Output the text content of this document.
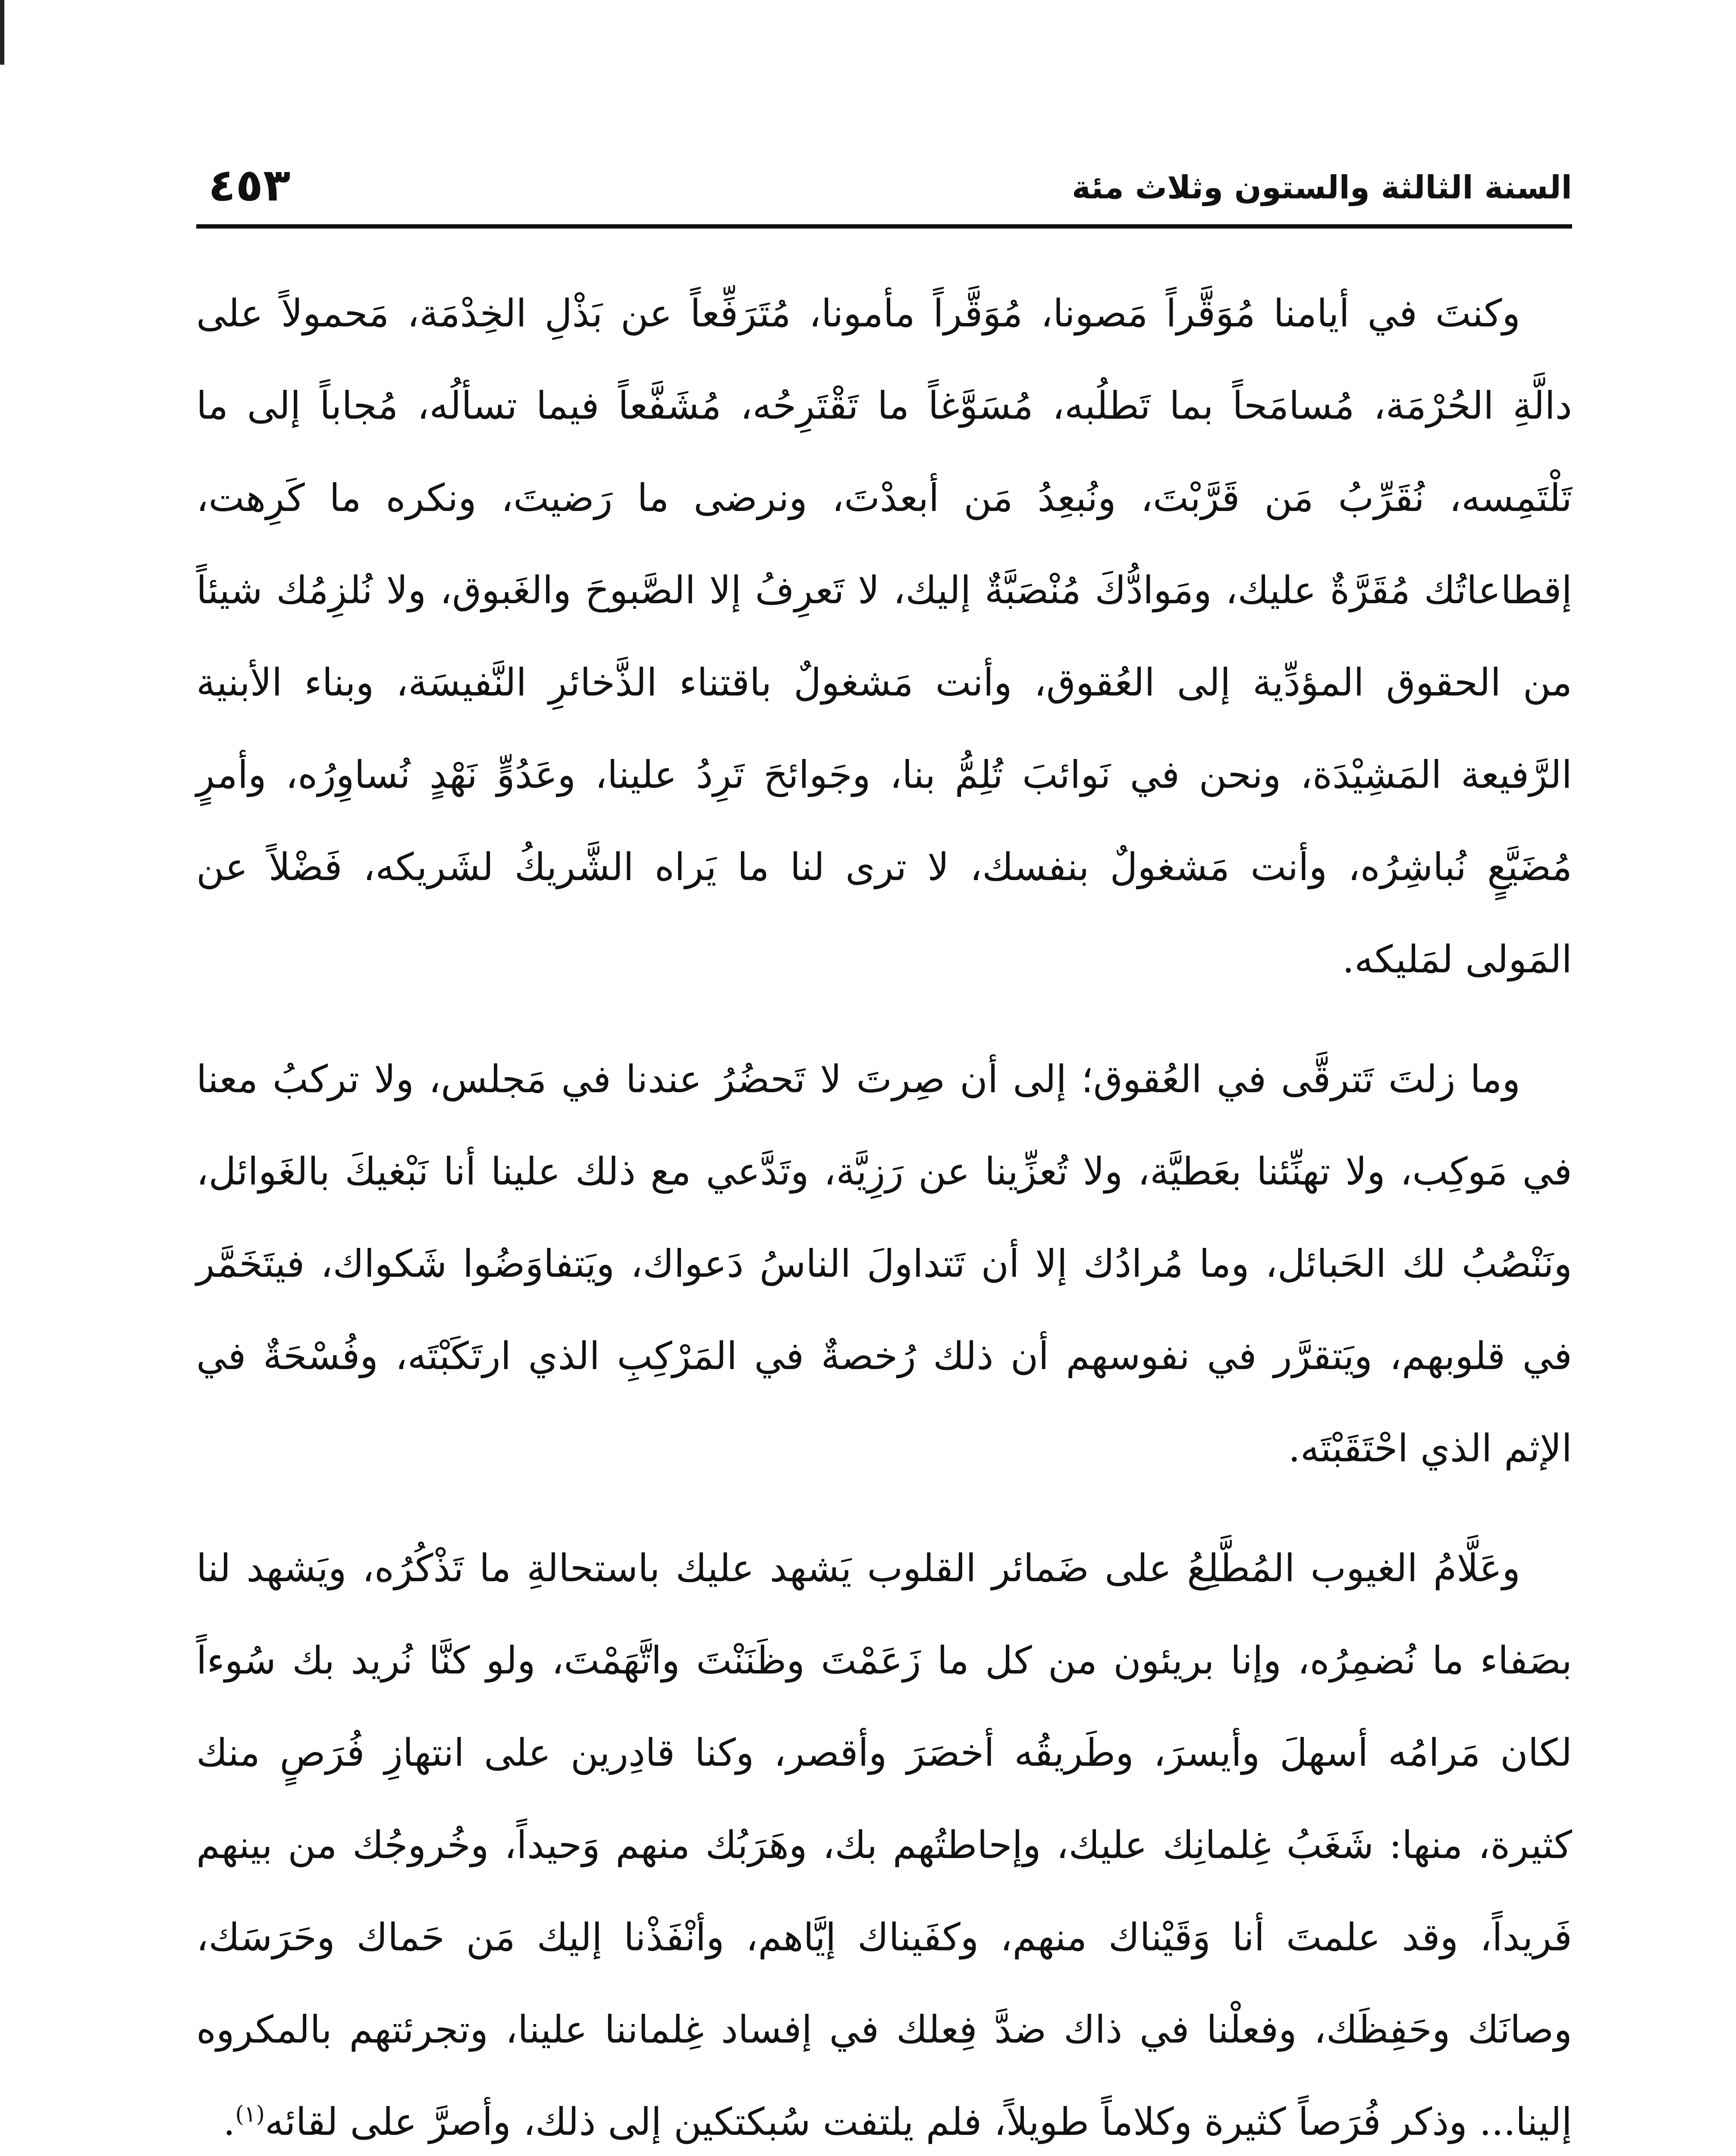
السنة الثالثة والستون وثلاث مئة
٤٥٣

وكنتَ في أيامنا مُوَقَّراً مَصونا، مُوَقَّراً مأمونا، مُتَرَفِّعاً عن بَذْلِ الخِدْمَة، مَحمولاً على دالَّةِ الحُرْمَة، مُسامَحاً بما تَطلُبه، مُسَوَّغاً ما تَقْتَرِحُه، مُشَفَّعاً فيما تسألُه، مُجاباً إلى ما تَلْتَمِسه، نُقَرِّبُ مَن قَرَّبْتَ، ونُبعِدُ مَن أبعدْتَ، ونرضى ما رَضيتَ، ونكره ما كَرِهت، إقطاعاتُك مُقَرَّةٌ عليك، ومَوادُّكَ مُنْصَبَّةٌ إليك، لا تَعرِفُ إلا الصَّبوحَ والغَبوق، ولا نُلزِمُك شيئاً من الحقوق المؤدِّية إلى العُقوق، وأنت مَشغولٌ باقتناء الذَّخائرِ النَّفيسَة، وبناء الأبنية الرَّفيعة المَشِيْدَة، ونحن في نَوائبَ تُلِمُّ بنا، وجَوائحَ تَرِدُ علينا، وعَدُوٍّ نَهْدٍ نُساوِرُه، وأمرٍ مُضَيَّعٍ نُباشِرُه، وأنت مَشغولٌ بنفسك، لا ترى لنا ما يَراه الشَّريكُ لشَريكه، فَضْلاً عن المَولى لمَليكه.

وما زلتَ تَترقَّى في العُقوق؛ إلى أن صِرتَ لا تَحضُرُ عندنا في مَجلس، ولا تركبُ معنا في مَوكِب، ولا تهنِّئنا بعَطيَّة، ولا تُعزِّينا عن رَزِيَّة، وتَدَّعي مع ذلك علينا أنا نَبْغيكَ بالغَوائل، ونَنْصُبُ لك الحَبائل، وما مُرادُك إلا أن تَتداولَ الناسُ دَعواك، ويَتفاوَضُوا شَكواك، فيتَخَمَّر في قلوبهم، ويَتقرَّر في نفوسهم أن ذلك رُخصةٌ في المَرْكِبِ الذي ارتَكَبْتَه، وفُسْحَةٌ في الإثم الذي احْتَقَبْتَه.

وعَلَّامُ الغيوب المُطَّلِعُ على ضَمائر القلوب يَشهد عليك باستحالةِ ما تَذْكُرُه، ويَشهد لنا بصَفاء ما نُضمِرُه، وإنا بريئون من كل ما زَعَمْتَ وظَنَنْتَ واتَّهَمْتَ، ولو كنَّا نُريد بك سُوءاً لكان مَرامُه أسهلَ وأيسرَ، وطَريقُه أخصَرَ وأقصر، وكنا قادِرين على انتهازِ فُرَصٍ منك كثيرة، منها: شَغَبُ غِلمانِك عليك، وإحاطتُهم بك، وهَرَبُك منهم وَحيداً، وخُروجُك من بينهم فَريداً، وقد علمتَ أنا وَقَيْناك منهم، وكفَيناك إيَّاهم، وأنْفَذْنا إليك مَن حَماك وحَرَسَك، وصانَك وحَفِظَك، وفعلْنا في ذاك ضدَّ فِعلك في إفساد غِلماننا علينا، وتجرئتهم بالمكروه إلينا... وذكر فُرَصاً كثيرة وكلاماً طويلاً، فلم يلتفت سُبكتكين إلى ذلك، وأصرَّ على لقائه$^{(١)}$.
